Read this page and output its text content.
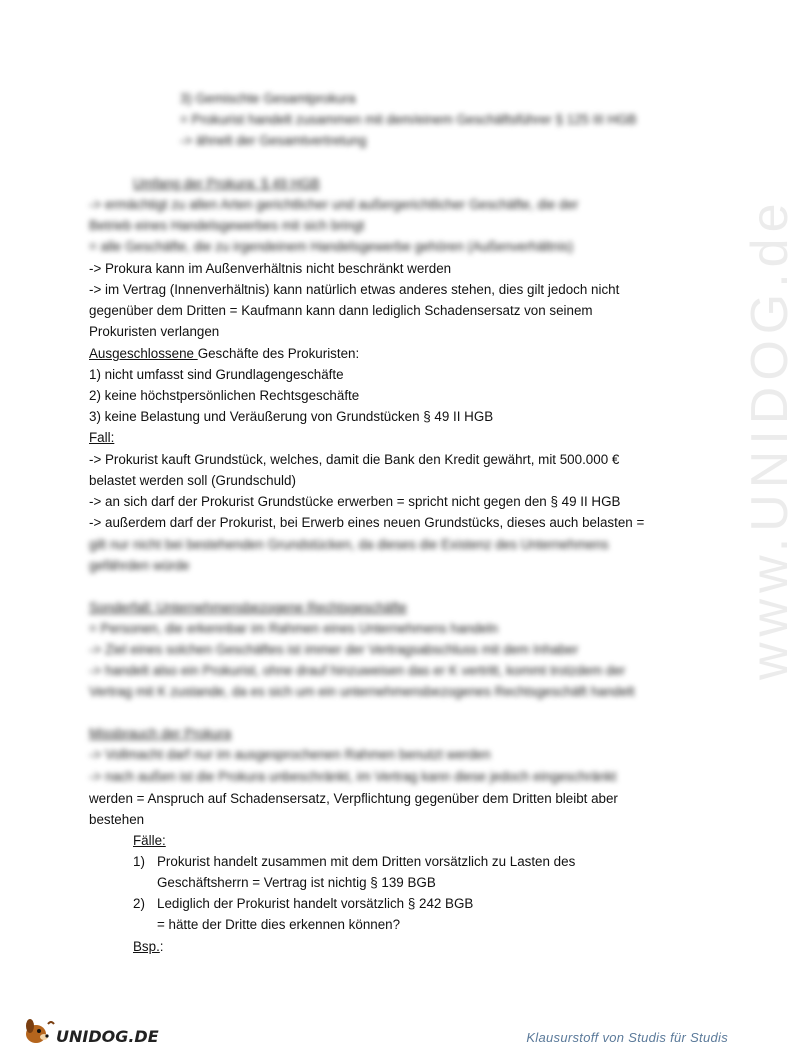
www.UNIDOG.de
3) Gemischte Gesamtprokura
= Prokurist handelt zusammen mit dem/einem Geschäftsführer § 125 III HGB
-> ähnelt der Gesamtvertretung
Umfang der Prokura: § 49 HGB
-> ermächtigt zu allen Arten gerichtlicher und außergerichtlicher Geschäfte, die der
Betrieb eines Handelsgewerbes mit sich bringt
= alle Geschäfte, die zu irgendeinem Handelsgewerbe gehören (Außenverhältnis)
-> Prokura kann im Außenverhältnis nicht beschränkt werden
-> im Vertrag (Innenverhältnis) kann natürlich etwas anderes stehen, dies gilt jedoch nicht
gegenüber dem Dritten = Kaufmann kann dann lediglich Schadensersatz von seinem
Prokuristen verlangen
Ausgeschlossene Geschäfte des Prokuristen:
1) nicht umfasst sind Grundlagengeschäfte
2) keine höchstpersönlichen Rechtsgeschäfte
3) keine Belastung und Veräußerung von Grundstücken § 49 II HGB
Fall:
-> Prokurist kauft Grundstück, welches, damit die Bank den Kredit gewährt, mit 500.000 €
belastet werden soll (Grundschuld)
-> an sich darf der Prokurist Grundstücke erwerben = spricht nicht gegen den § 49 II HGB
-> außerdem darf der Prokurist, bei Erwerb eines neuen Grundstücks, dieses auch belasten =
gilt nur nicht bei bestehenden Grundstücken, da dieses die Existenz des Unternehmens
gefährden würde
Sonderfall: Unternehmensbezogene Rechtsgeschäfte
= Personen, die erkennbar im Rahmen eines Unternehmens handeln
-> Ziel eines solchen Geschäftes ist immer der Vertragsabschluss mit dem Inhaber
-> handelt also ein Prokurist, ohne drauf hinzuweisen das er K vertritt, kommt trotzdem der
Vertrag mit K zustande, da es sich um ein unternehmensbezogenes Rechtsgeschäft handelt
Missbrauch der Prokura
-> Vollmacht darf nur im ausgesprochenen Rahmen benutzt werden
-> nach außen ist die Prokura unbeschränkt, im Vertrag kann diese jedoch eingeschränkt
werden = Anspruch auf Schadensersatz, Verpflichtung gegenüber dem Dritten bleibt aber
bestehen
Fälle:
1) Prokurist handelt zusammen mit dem Dritten vorsätzlich zu Lasten des
Geschäftsherrn = Vertrag ist nichtig § 139 BGB
2) Lediglich der Prokurist handelt vorsätzlich § 242 BGB
= hätte der Dritte dies erkennen können?
Bsp.:
UNIDOG.DE	Klausurstoff von Studis für Studis
